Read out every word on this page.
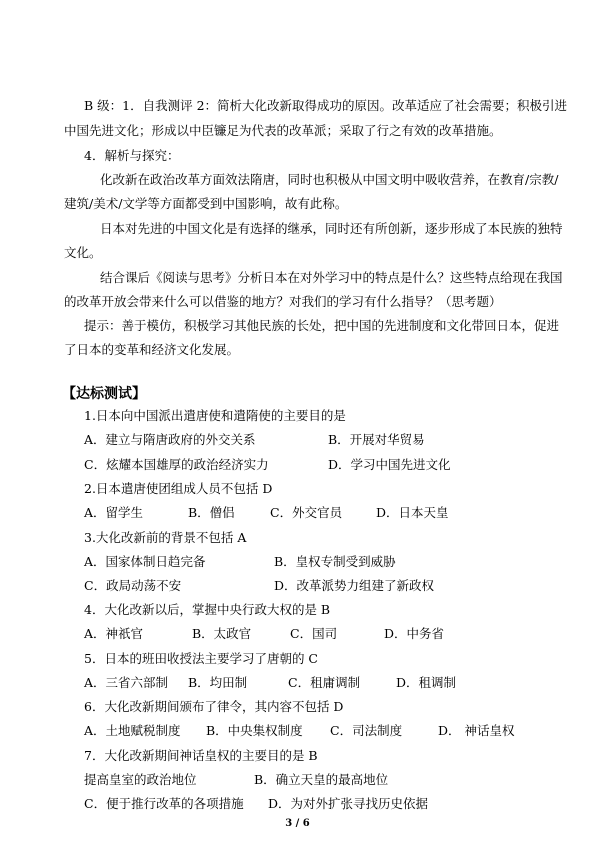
B 级：1．自我测评 2：简析大化改新取得成功的原因。改革适应了社会需要；积极引进
中国先进文化；形成以中臣镰足为代表的改革派；采取了行之有效的改革措施。
4．解析与探究：
化改新在政治改革方面效法隋唐，同时也积极从中国文明中吸收营养，在教育/宗教/
建筑/美术/文学等方面都受到中国影响，故有此称。
日本对先进的中国文化是有选择的继承，同时还有所创新，逐步形成了本民族的独特
文化。
结合课后《阅读与思考》分析日本在对外学习中的特点是什么？这些特点给现在我国
的改革开放会带来什么可以借鉴的地方？对我们的学习有什么指导？（思考题）
提示：善于模仿，积极学习其他民族的长处，把中国的先进制度和文化带回日本，促进
了日本的变革和经济文化发展。
【达标测试】
1.日本向中国派出遣唐使和遣隋使的主要目的是
A．建立与隋唐政府的外交关系	B．开展对华贸易
C．炫耀本国雄厚的政治经济实力	D．学习中国先进文化
2.日本遣唐使团组成人员不包括 D
A．留学生	B．僧侣	C．外交官员	D．日本天皇
3.大化改新前的背景不包括 A
A．国家体制日趋完备	B．皇权专制受到威胁
C．政局动荡不安	D．改革派势力组建了新政权
4．大化改新以后，掌握中央行政大权的是 B
A．神祇官	B．太政官	C．国司	D．中务省
5．日本的班田收授法主要学习了唐朝的 C
A．三省六部制 B．均田制	C．租庸调制	D．租调制
6．大化改新期间颁布了律令，其内容不包括 D
A．土地赋税制度 B．中央集权制度 C．司法制度	D． 神话皇权
7．大化改新期间神话皇权的主要目的是 B
提高皇室的政治地位	B．确立天皇的最高地位
C．便于推行改革的各项措施 D．为对外扩张寻找历史依据
3 / 6
